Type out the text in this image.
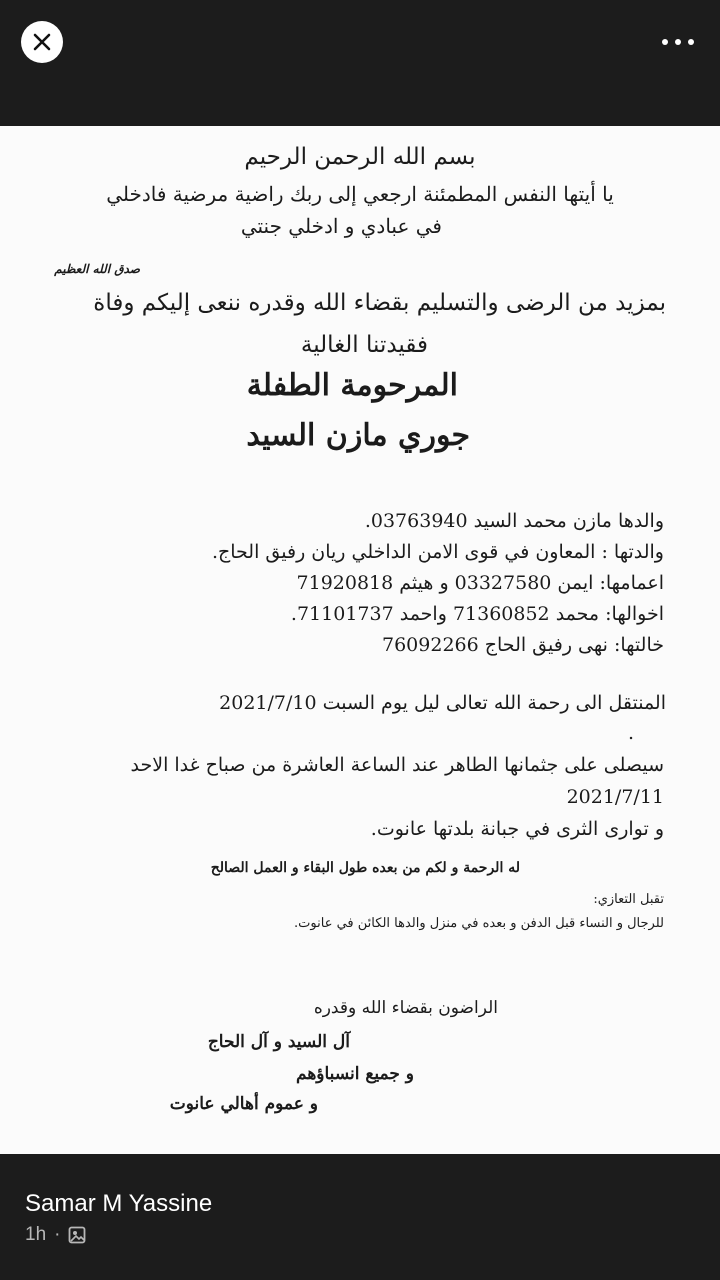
بسم الله الرحمن الرحيم
يا أيتها النفس المطمئنة ارجعي إلى ربك راضية مرضية فادخلي
في عبادي و ادخلي جنتي
صدق الله العظيم
بمزيد من الرضى والتسليم بقضاء الله وقدره ننعى إليكم وفاة
فقيدتنا الغالية
المرحومة الطفلة
جوري مازن السيد
والدها مازن محمد السيد 03763940.
والدتها : المعاون في قوى الامن الداخلي ريان رفيق الحاج.
اعمامها: ايمن 03327580 و هيثم 71920818
اخوالها: محمد 71360852 واحمد 71101737.
خالتها: نهى رفيق الحاج 76092266
المنتقل الى رحمة الله تعالى ليل يوم السبت 2021/7/10
.
سيصلى على جثمانها الطاهر عند الساعة العاشرة من صباح غدا الاحد
2021/7/11
و توارى الثرى في جبانة بلدتها عانوت.
له الرحمة و لكم من بعده طول البقاء و العمل الصالح
تقبل التعازي:
للرجال و النساء قبل الدفن و بعده في منزل والدها الكائن في عانوت.
الراضون بقضاء الله وقدره
آل السيد و آل الحاج
و جميع انسباؤهم
و عموم أهالي عانوت
Samar M Yassine
1h ·
